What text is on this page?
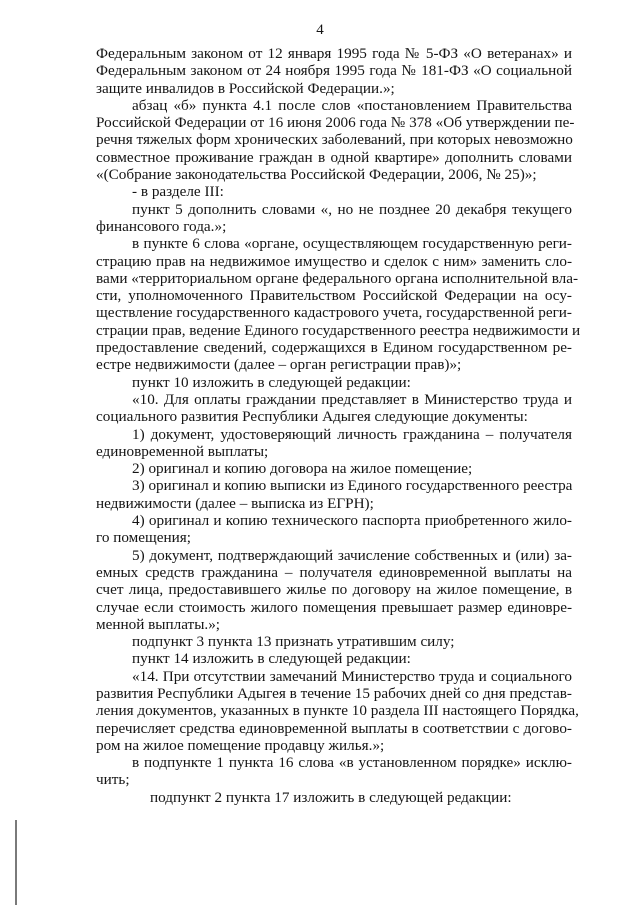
4
Федеральным законом от 12 января 1995 года № 5-ФЗ «О ветеранах» и
Федеральным законом от 24 ноября 1995 года № 181-ФЗ «О социальной
защите инвалидов в Российской Федерации.»;
абзац «б» пункта 4.1 после слов «постановлением Правительства
Российской Федерации от 16 июня 2006 года № 378 «Об утверждении пе-
речня тяжелых форм хронических заболеваний, при которых невозможно
совместное проживание граждан в одной квартире» дополнить словами
«(Собрание законодательства Российской Федерации, 2006, № 25)»;
- в разделе III:
пункт 5 дополнить словами «, но не позднее 20 декабря текущего
финансового года.»;
в пункте 6 слова «органе, осуществляющем государственную реги-
страцию прав на недвижимое имущество и сделок с ним» заменить сло-
вами «территориальном органе федерального органа исполнительной вла-
сти, уполномоченного Правительством Российской Федерации на осу-
ществление государственного кадастрового учета, государственной реги-
страции прав, ведение Единого государственного реестра недвижимости и
предоставление сведений, содержащихся в Едином государственном ре-
естре недвижимости (далее – орган регистрации прав)»;
пункт 10 изложить в следующей редакции:
«10. Для оплаты граждании представляет в Министерство труда и
социального развития Республики Адыгея следующие документы:
1) документ, удостоверяющий личность гражданина – получателя
единовременной выплаты;
2) оригинал и копию договора на жилое помещение;
3) оригинал и копию выписки из Единого государственного реестра
недвижимости (далее – выписка из ЕГРН);
4) оригинал и копию технического паспорта приобретенного жило-
го помещения;
5) документ, подтверждающий зачисление собственных и (или) за-
емных средств гражданина – получателя единовременной выплаты на
счет лица, предоставившего жилье по договору на жилое помещение, в
случае если стоимость жилого помещения превышает размер единовре-
менной выплаты.»;
подпункт 3 пункта 13 признать утратившим силу;
пункт 14 изложить в следующей редакции:
«14. При отсутствии замечаний Министерство труда и социального
развития Республики Адыгея в течение 15 рабочих дней со дня представ-
ления документов, указанных в пункте 10 раздела III настоящего Порядка,
перечисляет средства единовременной выплаты в соответствии с догово-
ром на жилое помещение продавцу жилья.»;
в подпункте 1 пункта 16 слова «в установленном порядке» исклю-
чить;
подпункт 2 пункта 17 изложить в следующей редакции:
